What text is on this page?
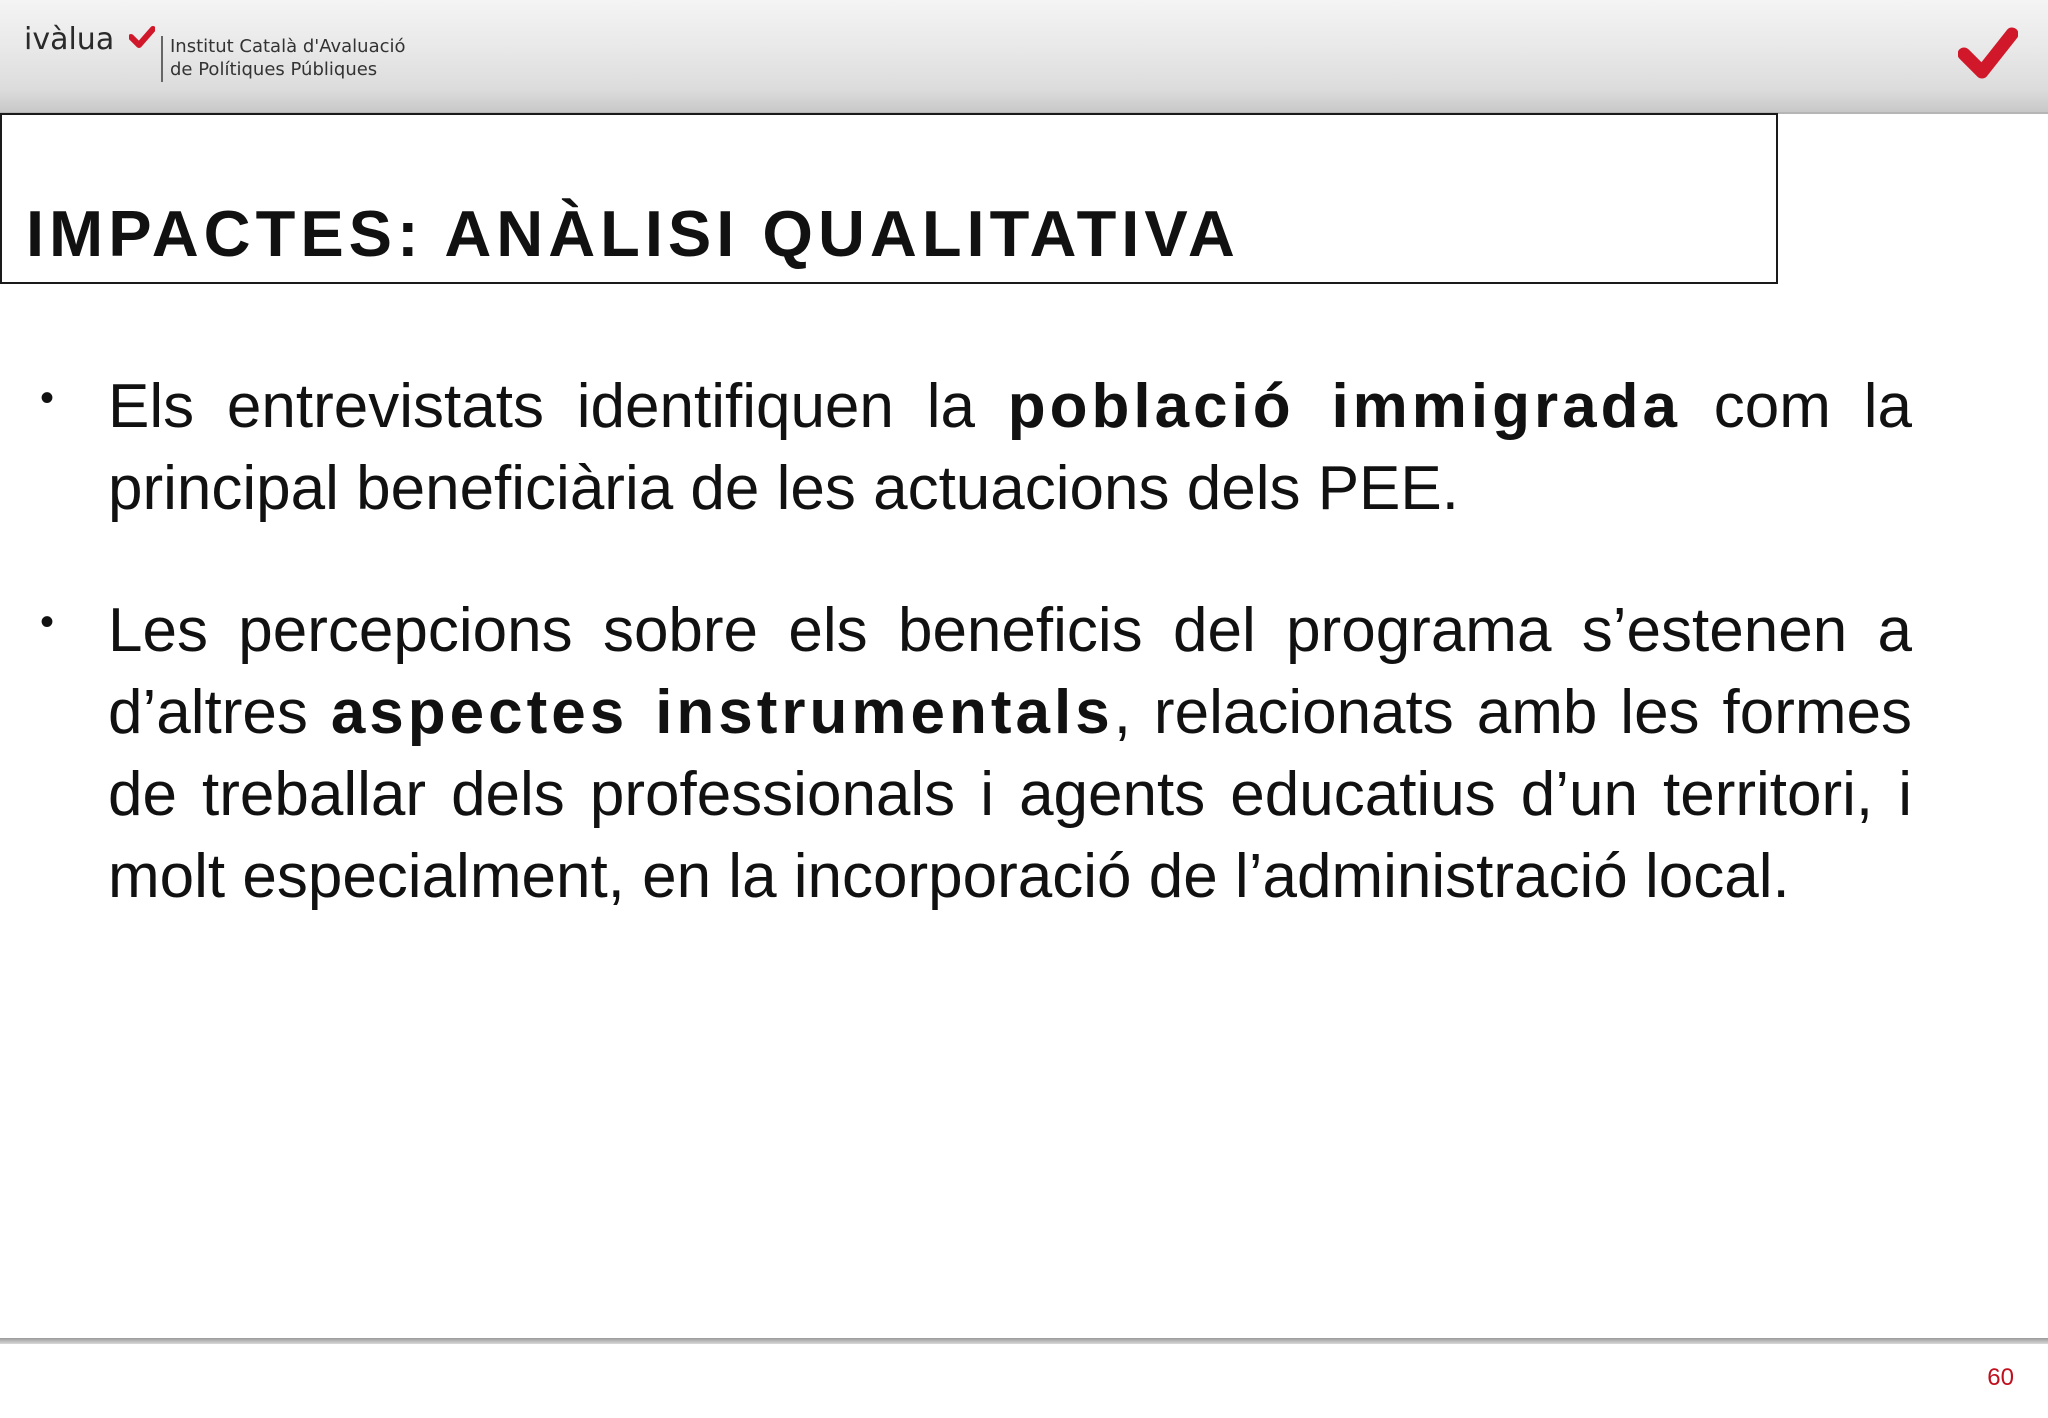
ivàlua	Institut Català d'Avaluació
de Polítiques Públiques
IMPACTES: ANÀLISI QUALITATIVA
• Els entrevistats identifiquen la població immigrada com la principal beneficiària de les actuacions dels PEE.
• Les percepcions sobre els beneficis del programa s’estenen a d’altres aspectes instrumentals, relacionats amb les formes de treballar dels professionals i agents educatius d’un territori, i molt especialment, en la incorporació de l’administració local.
60
